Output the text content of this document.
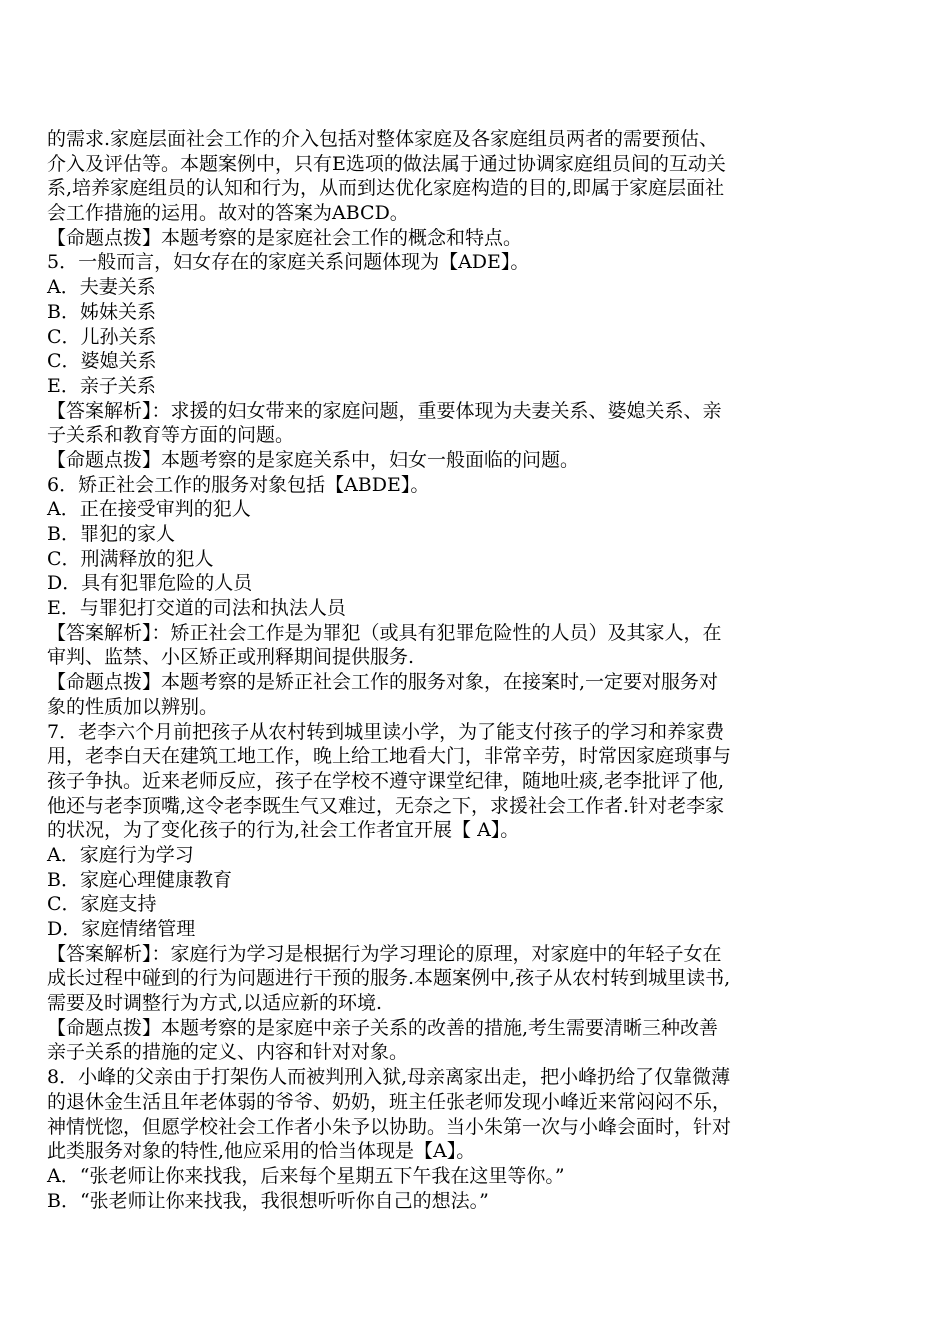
的需求.家庭层面社会工作的介入包括对整体家庭及各家庭组员两者的需要预估、
介入及评估等。本题案例中，只有E选项的做法属于通过协调家庭组员间的互动关
系,培养家庭组员的认知和行为，从而到达优化家庭构造的目的,即属于家庭层面社
会工作措施的运用。故对的答案为ABCD。
【命题点拨】本题考察的是家庭社会工作的概念和特点。
5．一般而言，妇女存在的家庭关系问题体现为【ADE】。
A．夫妻关系
B．姊妹关系
C．儿孙关系
C．婆媳关系
E．亲子关系
【答案解析】：求援的妇女带来的家庭问题，重要体现为夫妻关系、婆媳关系、亲
子关系和教育等方面的问题。
【命题点拨】本题考察的是家庭关系中，妇女一般面临的问题。
6．矫正社会工作的服务对象包括【ABDE】。
A．正在接受审判的犯人
B．罪犯的家人
C．刑满释放的犯人
D．具有犯罪危险的人员
E．与罪犯打交道的司法和执法人员
【答案解析】：矫正社会工作是为罪犯（或具有犯罪危险性的人员）及其家人，在
审判、监禁、小区矫正或刑释期间提供服务.
【命题点拨】本题考察的是矫正社会工作的服务对象，在接案时,一定要对服务对
象的性质加以辨别。
7．老李六个月前把孩子从农村转到城里读小学，为了能支付孩子的学习和养家费
用，老李白天在建筑工地工作，晚上给工地看大门，非常辛劳，时常因家庭琐事与
孩子争执。近来老师反应，孩子在学校不遵守课堂纪律，随地吐痰,老李批评了他,
他还与老李顶嘴,这令老李既生气又难过，无奈之下，求援社会工作者.针对老李家
的状况，为了变化孩子的行为,社会工作者宜开展【 A】。
A．家庭行为学习
B．家庭心理健康教育
C．家庭支持
D．家庭情绪管理
【答案解析】：家庭行为学习是根据行为学习理论的原理，对家庭中的年轻子女在
成长过程中碰到的行为问题进行干预的服务.本题案例中,孩子从农村转到城里读书,
需要及时调整行为方式,以适应新的环境.
【命题点拨】本题考察的是家庭中亲子关系的改善的措施,考生需要清晰三种改善
亲子关系的措施的定义、内容和针对对象。
8．小峰的父亲由于打架伤人而被判刑入狱,母亲离家出走，把小峰扔给了仅靠微薄
的退休金生活且年老体弱的爷爷、奶奶，班主任张老师发现小峰近来常闷闷不乐，
神情恍惚，但愿学校社会工作者小朱予以协助。当小朱第一次与小峰会面时，针对
此类服务对象的特性,他应采用的恰当体现是【A】。
A．“张老师让你来找我，后来每个星期五下午我在这里等你。”
B．“张老师让你来找我，我很想听听你自己的想法。”
